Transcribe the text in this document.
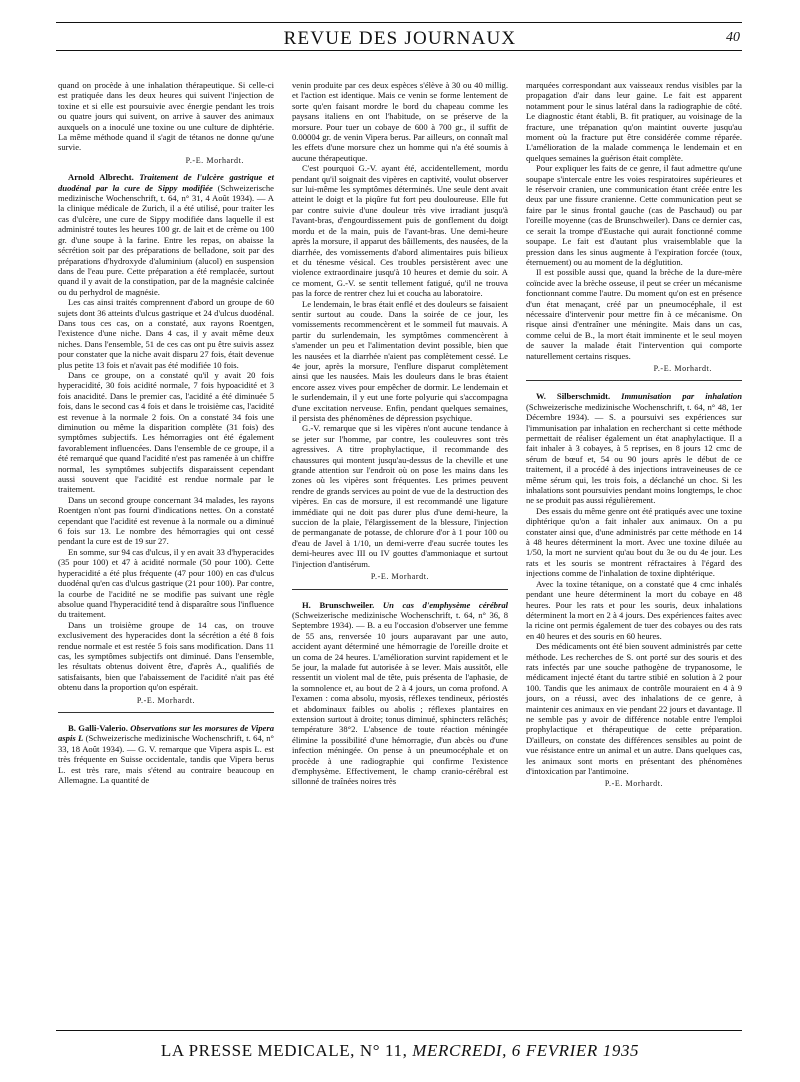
REVUE DES JOURNAUX	40

quand on procède à une inhalation thérapeutique. Si celle-ci est pratiquée dans les deux heures qui suivent l'injection de toxine et si elle est poursuivie avec énergie pendant les trois ou quatre jours qui suivent, on arrive à sauver des animaux auxquels on a inoculé une toxine ou une culture de diphtérie. La même méthode quand il s'agit de tétanos ne donne qu'une survie.

P.-E. Morhardt.

Arnold Albrecht. Traitement de l'ulcère gastrique et duodénal par la cure de Sippy modifiée (Schweizerische medizinische Wochenschrift, t. 64, n° 31, 4 Août 1934). — A la clinique médicale de Zurich, il a été utilisé, pour traiter les cas d'ulcère, une cure de Sippy modifiée dans laquelle il est administré toutes les heures 100 gr. de lait et de crème ou 100 gr. d'une soupe à la farine. Entre les repas, on abaisse la sécrétion soit par des préparations de belladone, soit par des préparations d'hydroxyde d'aluminium (alucol) en suspension dans de l'eau pure. Cette préparation a été remplacée, surtout quand il y avait de la constipation, par de la magnésie calcinée ou du perhydrol de magnésie.

Les cas ainsi traités comprennent d'abord un groupe de 60 sujets dont 36 atteints d'ulcus gastrique et 24 d'ulcus duodénal. Dans tous ces cas, on a constaté, aux rayons Roentgen, l'existence d'une niche. Dans 4 cas, il y avait même deux niches. Dans l'ensemble, 51 de ces cas ont pu être suivis assez pour constater que la niche avait disparu 27 fois, était devenue plus petite 13 fois et n'avait pas été modifiée 10 fois.

Dans ce groupe, on a constaté qu'il y avait 20 fois hyperacidité, 30 fois acidité normale, 7 fois hypoacidité et 3 fois anacidité. Dans le premier cas, l'acidité a été diminuée 5 fois, dans le second cas 4 fois et dans le troisième cas, l'acidité est revenue à la normale 2 fois. On a constaté 34 fois une diminution ou même la disparition complète (31 fois) des symptômes subjectifs. Les hémorragies ont été également favorablement influencées. Dans l'ensemble de ce groupe, il a été remarqué que quand l'acidité n'est pas ramenée à un chiffre normal, les symptômes subjectifs disparaissent cependant aussi souvent que l'acidité est rendue normale par le traitement.

Dans un second groupe concernant 34 malades, les rayons Roentgen n'ont pas fourni d'indications nettes. On a constaté cependant que l'acidité est revenue à la normale ou a diminué 6 fois sur 13. Le nombre des hémorragies qui ont cessé pendant la cure est de 19 sur 27.

En somme, sur 94 cas d'ulcus, il y en avait 33 d'hyperacides (35 pour 100) et 47 à acidité normale (50 pour 100). Cette hyperacidité a été plus fréquente (47 pour 100) en cas d'ulcus duodénal qu'en cas d'ulcus gastrique (21 pour 100). Par contre, la courbe de l'acidité ne se modifie pas suivant une règle absolue quand l'hyperacidité tend à disparaître sous l'influence du traitement.

Dans un troisième groupe de 14 cas, on trouve exclusivement des hyperacides dont la sécrétion a été 8 fois rendue normale et est restée 5 fois sans modification. Dans 11 cas, les symptômes subjectifs ont diminué. Dans l'ensemble, les résultats obtenus doivent être, d'après A., qualifiés de satisfaisants, bien que l'abaissement de l'acidité n'ait pas été obtenu dans la proportion qu'on espérait.

P.-E. Morhardt.

B. Galli-Valerio. Observations sur les morsures de Vipera aspis L (Schweizerische medizinische Wochenschrift, t. 64, n° 33, 18 Août 1934). — G. V. remarque que Vipera aspis L. est très fréquente en Suisse occidentale, tandis que Vipera berus L. est très rare, mais s'étend au contraire beaucoup en Allemagne. La quantité de

venin produite par ces deux espèces s'élève à 30 ou 40 millig. et l'action est identique. Mais ce venin se forme lentement de sorte qu'en faisant mordre le bord du chapeau comme les paysans italiens en ont l'habitude, on se préserve de la morsure. Pour tuer un cobaye de 600 à 700 gr., il suffit de 0.00004 gr. de venin Vipera berus. Par ailleurs, on connaît mal les effets d'une morsure chez un homme qui n'a été soumis à aucune thérapeutique.

C'est pourquoi G.-V. ayant été, accidentellement, mordu pendant qu'il soignait des vipères en captivité, voulut observer sur lui-même les symptômes déterminés. Une seule dent avait atteint le doigt et la piqûre fut fort peu douloureuse. Elle fut par contre suivie d'une douleur très vive irradiant jusqu'à l'avant-bras, d'engourdissement puis de gonflement du doigt mordu et de la main, puis de l'avant-bras. Une demi-heure après la morsure, il apparut des bâillements, des nausées, de la diarrhée, des vomissements d'abord alimentaires puis bilieux et du ténesme vésical. Ces troubles persistèrent avec une violence extraordinaire jusqu'à 10 heures et demie du soir. A ce moment, G.-V. se sentit tellement fatigué, qu'il ne trouva pas la force de rentrer chez lui et coucha au laboratoire.

Le lendemain, le bras était enflé et des douleurs se faisaient sentir surtout au coude. Dans la soirée de ce jour, les vomissements recommencèrent et le sommeil fut mauvais. A partir du surlendemain, les symptômes commencèrent à s'amender un peu et l'alimentation devint possible, bien que les nausées et la diarrhée n'aient pas complètement cessé. Le 4e jour, après la morsure, l'enflure disparut complètement ainsi que les nausées. Mais les douleurs dans le bras étaient encore assez vives pour empêcher de dormir. Le lendemain et le surlendemain, il y eut une forte polyurie qui s'accompagna d'une excitation nerveuse. Enfin, pendant quelques semaines, il persista des phénomènes de dépression psychique.

G.-V. remarque que si les vipères n'ont aucune tendance à se jeter sur l'homme, par contre, les couleuvres sont très agressives. A titre prophylactique, il recommande des chaussures qui montent jusqu'au-dessus de la cheville et une grande attention sur l'endroit où on pose les mains dans les zones où les vipères sont fréquentes. Les primes peuvent rendre de grands services au point de vue de la destruction des vipères. En cas de morsure, il est recommandé une ligature immédiate qui ne doit pas durer plus d'une demi-heure, la succion de la plaie, l'élargissement de la blessure, l'injection de permanganate de potasse, de chlorure d'or à 1 pour 100 ou d'eau de Javel à 1/10, un demi-verre d'eau sucrée toutes les demi-heures avec III ou IV gouttes d'ammoniaque et surtout l'injection d'antisérum.

P.-E. Morhardt.

H. Brunschweiler. Un cas d'emphysème cérébral (Schweizerische medizinische Wochenschrift, t. 64, n° 36, 8 Septembre 1934). — B. a eu l'occasion d'observer une femme de 55 ans, renversée 10 jours auparavant par une auto, accident ayant déterminé une hémorragie de l'oreille droite et un coma de 24 heures. L'amélioration survint rapidement et le 5e jour, la malade fut autorisée à se lever. Mais aussitôt, elle ressentit un violent mal de tête, puis présenta de l'aphasie, de la somnolence et, au bout de 2 à 4 jours, un coma profond. A l'examen : coma absolu, myosis, réflexes tendineux, périostés et abdominaux faibles ou abolis ; réflexes plantaires en extension surtout à droite; tonus diminué, sphincters relâchés; température 38°2. L'absence de toute réaction méningée élimine la possibilité d'une hémorragie, d'un abcès ou d'une infection méningée. On pense à un pneumocéphale et on procède à une radiographie qui confirme l'existence d'emphysème. Effectivement, le champ cranio-cérébral est sillonné de traînées noires très

marquées correspondant aux vaisseaux rendus visibles par la propagation d'air dans leur gaine. Le fait est apparent notamment pour le sinus latéral dans la radiographie de côté. Le diagnostic étant établi, B. fit pratiquer, au voisinage de la fracture, une trépanation qu'on maintint ouverte jusqu'au moment où la fracture put être considérée comme réparée. L'amélioration de la malade commença le lendemain et en quelques semaines la guérison était complète.

Pour expliquer les faits de ce genre, il faut admettre qu'une soupape s'intercale entre les voies respiratoires supérieures et le réservoir cranien, une communication étant créée entre les deux par une fissure cranienne. Cette communication peut se faire par le sinus frontal gauche (cas de Paschaud) ou par l'oreille moyenne (cas de Brunschweiler). Dans ce dernier cas, ce serait la trompe d'Eustache qui aurait fonctionné comme soupape. Le fait est d'autant plus vraisemblable que la pression dans les sinus augmente à l'expiration forcée (toux, éternuement) ou au moment de la déglutition.

Il est possible aussi que, quand la brèche de la dure-mère coïncide avec la brèche osseuse, il peut se créer un mécanisme fonctionnant comme l'autre. Du moment qu'on est en présence d'un état menaçant, créé par un pneumocéphale, il est nécessaire d'intervenir pour mettre fin à ce mécanisme. On risque ainsi d'entraîner une méningite. Mais dans un cas, comme celui de B., la mort était imminente et le seul moyen de sauver la malade était l'intervention qui comporte naturellement certains risques.

P.-E. Morhardt.

W. Silberschmidt. Immunisation par inhalation (Schweizerische medizinische Wochenschrift, t. 64, n° 48, 1er Décembre 1934). — S. a poursuivi ses expériences sur l'immunisation par inhalation en recherchant si cette méthode permettait de réaliser également un état anaphylactique. Il a fait inhaler à 3 cobayes, à 5 reprises, en 8 jours 12 cmc de sérum de bœuf et, 54 ou 90 jours après le début de ce traitement, il a procédé à des injections intraveineuses de ce même sérum qui, les trois fois, a déclanché un choc. Si les inhalations sont poursuivies pendant moins longtemps, le choc ne se produit pas aussi régulièrement.

Des essais du même genre ont été pratiqués avec une toxine diphtérique qu'on a fait inhaler aux animaux. On a pu constater ainsi que, d'une administrés par cette méthode en 14 à 48 heures déterminent la mort. Avec une toxine diluée au 1/50, la mort ne survient qu'au bout du 3e ou du 4e jour. Les rats et les souris se montrent réfractaires à l'égard des injections comme de l'inhalation de toxine diphtérique.

Avec la toxine tétanique, on a constaté que 4 cmc inhalés pendant une heure déterminent la mort du cobaye en 48 heures. Pour les rats et pour les souris, deux inhalations déterminent la mort en 2 à 4 jours. Des expériences faites avec la ricine ont permis également de tuer des cobayes ou des rats en 40 heures et des souris en 60 heures.

Des médicaments ont été bien souvent administrés par cette méthode. Les recherches de S. ont porté sur des souris et des rats infectés par une souche pathogène de trypanosome, le médicament injecté étant du tartre stibié en solution à 2 pour 100. Tandis que les animaux de contrôle mouraient en 4 à 9 jours, on a réussi, avec des inhalations de ce genre, à maintenir ces animaux en vie pendant 22 jours et davantage. Il ne semble pas y avoir de différence notable entre l'emploi prophylactique et thérapeutique de cette préparation. D'ailleurs, on constate des différences sensibles au point de vue résistance entre un animal et un autre. Dans quelques cas, les animaux sont morts en présentant des phénomènes d'intoxication par l'antimoine.

P.-E. Morhardt.
LA PRESSE MEDICALE, N° 11, MERCREDI, 6 FEVRIER 1935
